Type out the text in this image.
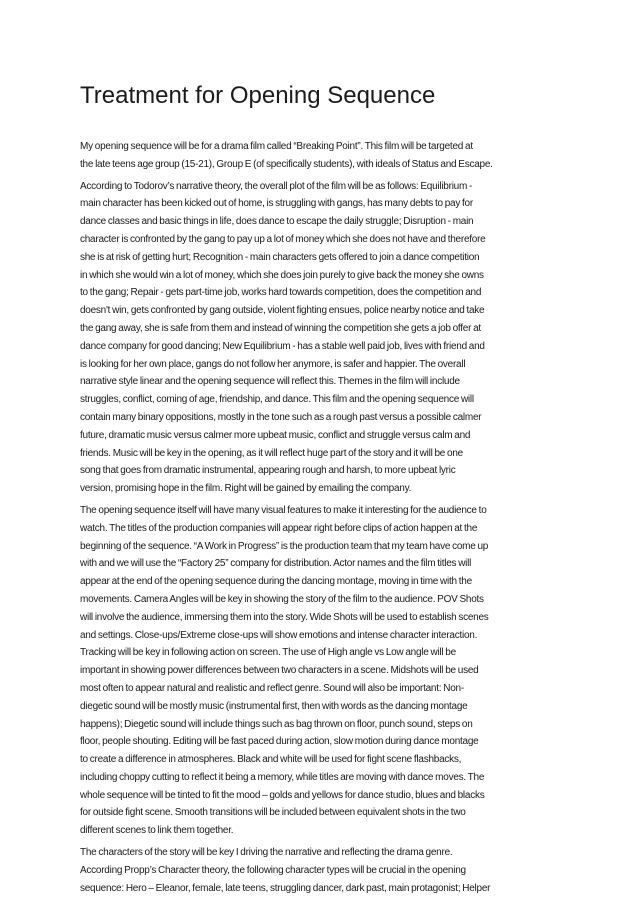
Treatment for Opening Sequence
My opening sequence will be for a drama film called “Breaking Point”. This film will be targeted at
the late teens age group (15-21), Group E (of specifically students), with ideals of Status and Escape.
According to Todorov’s narrative theory, the overall plot of the film will be as follows: Equilibrium -
main character has been kicked out of home, is struggling with gangs, has many debts to pay for
dance classes and basic things in life, does dance to escape the daily struggle; Disruption - main
character is confronted by the gang to pay up a lot of money which she does not have and therefore
she is at risk of getting hurt; Recognition - main characters gets offered to join a dance competition
in which she would win a lot of money, which she does join purely to give back the money she owns
to the gang; Repair - gets part-time job, works hard towards competition, does the competition and
doesn't win, gets confronted by gang outside, violent fighting ensues, police nearby notice and take
the gang away, she is safe from them and instead of winning the competition she gets a job offer at
dance company for good dancing; New Equilibrium - has a stable well paid job, lives with friend and
is looking for her own place, gangs do not follow her anymore, is safer and happier. The overall
narrative style linear and the opening sequence will reflect this. Themes in the film will include
struggles, conflict, coming of age, friendship, and dance. This film and the opening sequence will
contain many binary oppositions, mostly in the tone such as a rough past versus a possible calmer
future, dramatic music versus calmer more upbeat music, conflict and struggle versus calm and
friends. Music will be key in the opening, as it will reflect huge part of the story and it will be one
song that goes from dramatic instrumental, appearing rough and harsh, to more upbeat lyric
version, promising hope in the film. Right will be gained by emailing the company.
The opening sequence itself will have many visual features to make it interesting for the audience to
watch. The titles of the production companies will appear right before clips of action happen at the
beginning of the sequence. “A Work in Progress” is the production team that my team have come up
with and we will use the “Factory 25” company for distribution. Actor names and the film titles will
appear at the end of the opening sequence during the dancing montage, moving in time with the
movements. Camera Angles will be key in showing the story of the film to the audience. POV Shots
will involve the audience, immersing them into the story. Wide Shots will be used to establish scenes
and settings. Close-ups/Extreme close-ups will show emotions and intense character interaction.
Tracking will be key in following action on screen. The use of High angle vs Low angle will be
important in showing power differences between two characters in a scene. Midshots will be used
most often to appear natural and realistic and reflect genre. Sound will also be important: Non-
diegetic sound will be mostly music (instrumental first, then with words as the dancing montage
happens); Diegetic sound will include things such as bag thrown on floor, punch sound, steps on
floor, people shouting. Editing will be fast paced during action, slow motion during dance montage
to create a difference in atmospheres. Black and white will be used for fight scene flashbacks,
including choppy cutting to reflect it being a memory, while titles are moving with dance moves. The
whole sequence will be tinted to fit the mood – golds and yellows for dance studio, blues and blacks
for outside fight scene. Smooth transitions will be included between equivalent shots in the two
different scenes to link them together.
The characters of the story will be key I driving the narrative and reflecting the drama genre.
According Propp’s Character theory, the following character types will be crucial in the opening
sequence: Hero – Eleanor, female, late teens, struggling dancer, dark past, main protagonist; Helper
